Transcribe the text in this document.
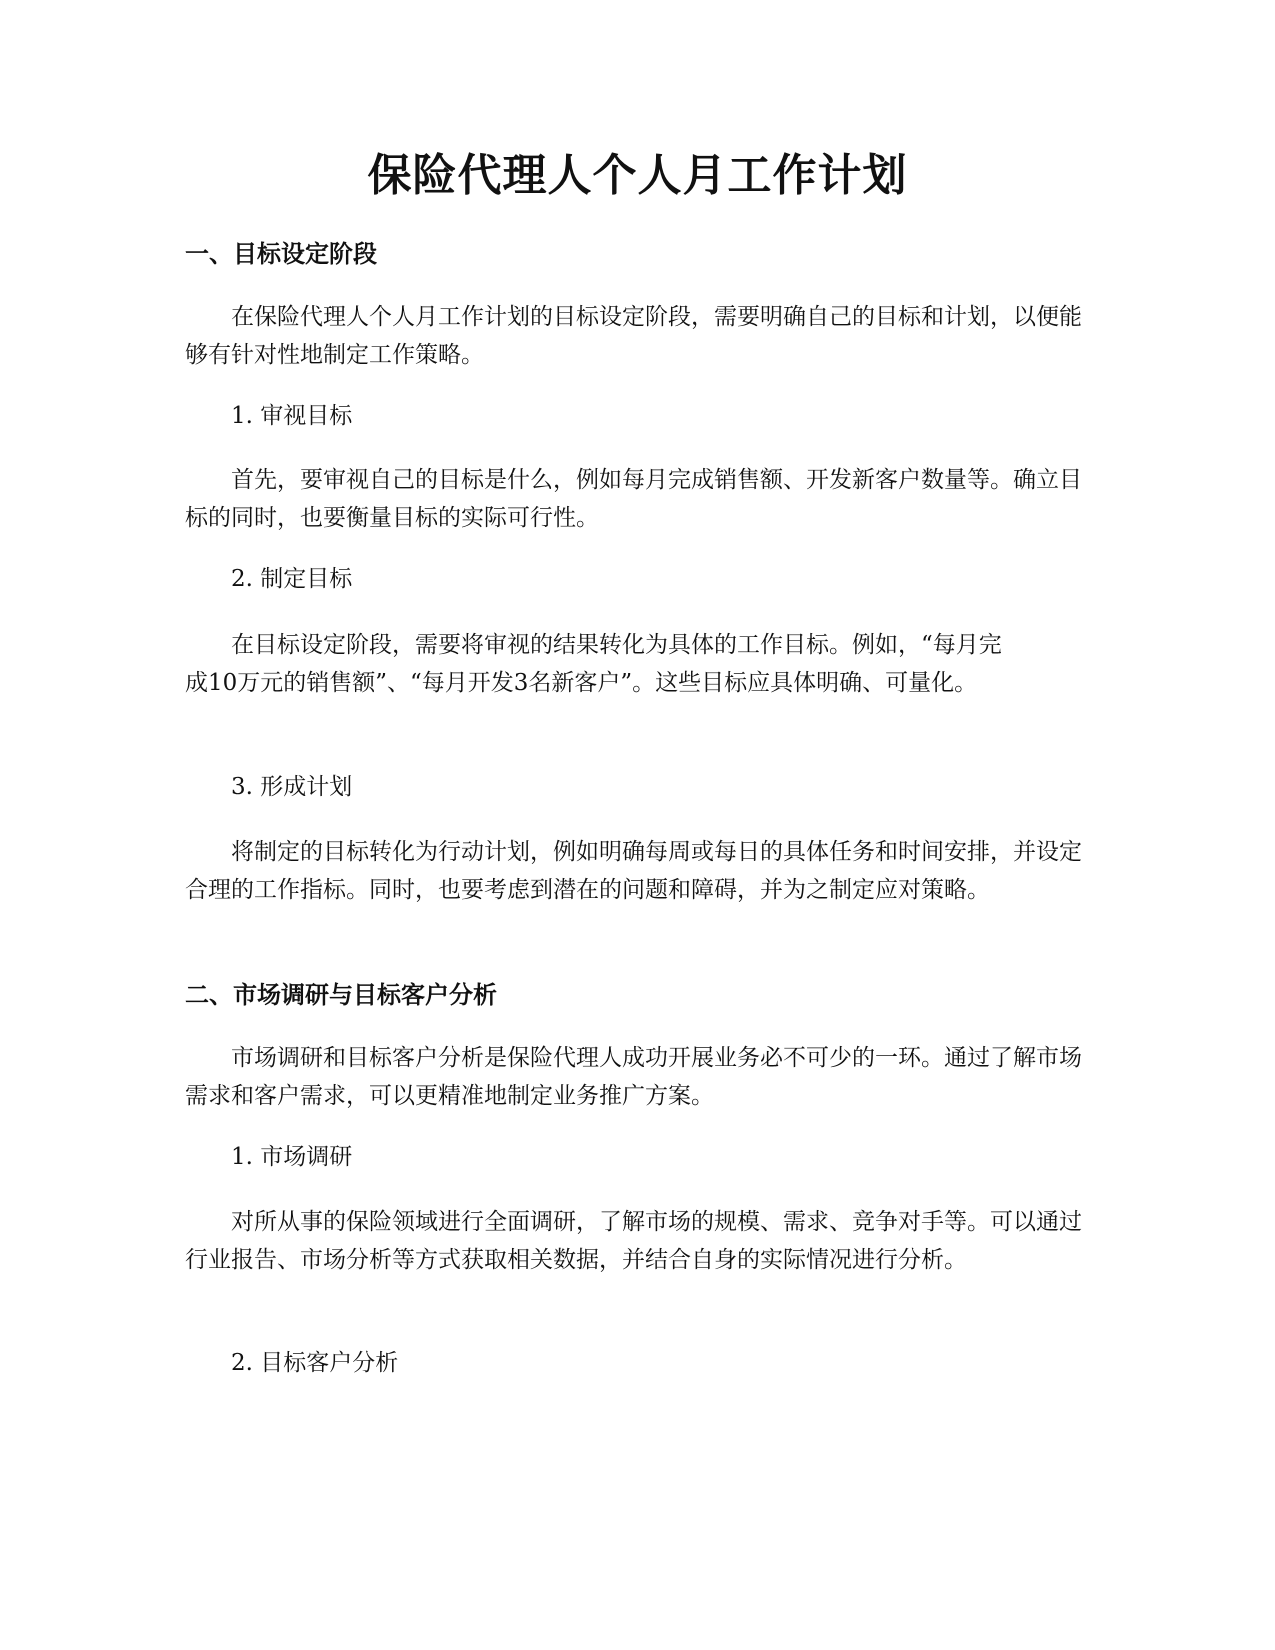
保险代理人个人月工作计划
一、目标设定阶段

在保险代理人个人月工作计划的目标设定阶段，需要明确自己的目标和计划，以便能够有针对性地制定工作策略。

1. 审视目标

首先，要审视自己的目标是什么，例如每月完成销售额、开发新客户数量等。确立目标的同时，也要衡量目标的实际可行性。

2. 制定目标

在目标设定阶段，需要将审视的结果转化为具体的工作目标。例如，“每月完成10万元的销售额”、“每月开发3名新客户”。这些目标应具体明确、可量化。

3. 形成计划

将制定的目标转化为行动计划，例如明确每周或每日的具体任务和时间安排，并设定合理的工作指标。同时，也要考虑到潜在的问题和障碍，并为之制定应对策略。

二、市场调研与目标客户分析

市场调研和目标客户分析是保险代理人成功开展业务必不可少的一环。通过了解市场需求和客户需求，可以更精准地制定业务推广方案。

1. 市场调研

对所从事的保险领域进行全面调研，了解市场的规模、需求、竞争对手等。可以通过行业报告、市场分析等方式获取相关数据，并结合自身的实际情况进行分析。

2. 目标客户分析
